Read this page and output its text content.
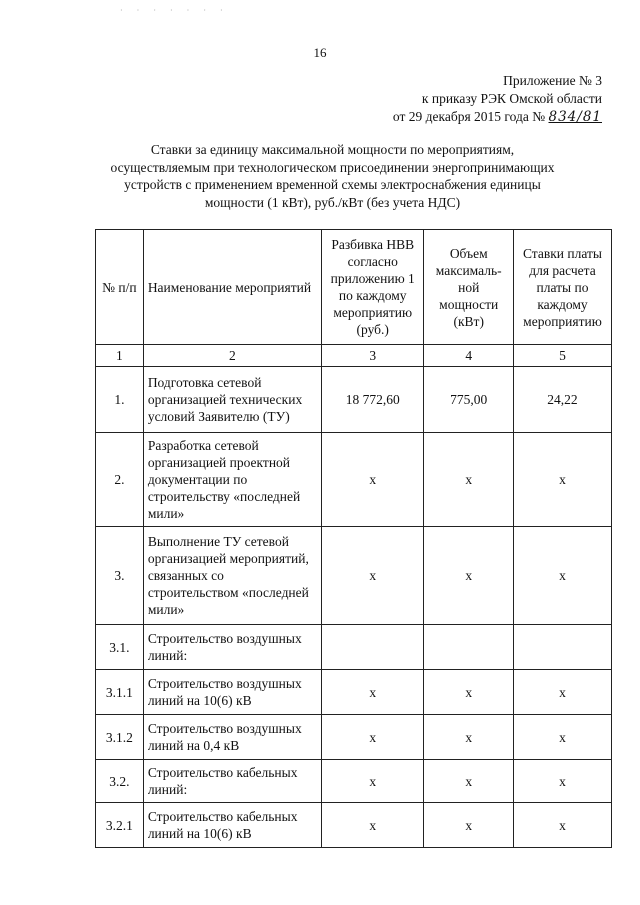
· · · · · · ·
16
Приложение № 3
к приказу РЭК Омской области
от 29 декабря 2015 года № 834/81
Ставки за единицу максимальной мощности по мероприятиям,
осуществляемым при технологическом присоединении энергопринимающих
устройств с применением временной схемы электроснабжения единицы
мощности (1 кВт), руб./кВт (без учета НДС)
№ п/п	Наименование мероприятий	Разбивка НВВ согласно приложению 1 по каждому мероприятию (руб.)	Объем максималь-ной мощности (кВт)	Ставки платы для расчета платы по каждому мероприятию
1	2	3	4	5
1.	Подготовка сетевой организацией технических условий Заявителю (ТУ)	18 772,60	775,00	24,22
2.	Разработка сетевой организацией проектной документации по строительству «последней мили»	х	х	х
3.	Выполнение ТУ сетевой организацией мероприятий, связанных со строительством «последней мили»	х	х	х
3.1.	Строительство воздушных линий:			
3.1.1	Строительство воздушных линий на 10(6) кВ	х	х	х
3.1.2	Строительство воздушных линий на 0,4 кВ	х	х	х
3.2.	Строительство кабельных линий:	х	х	х
3.2.1	Строительство кабельных линий на 10(6) кВ	х	х	х
